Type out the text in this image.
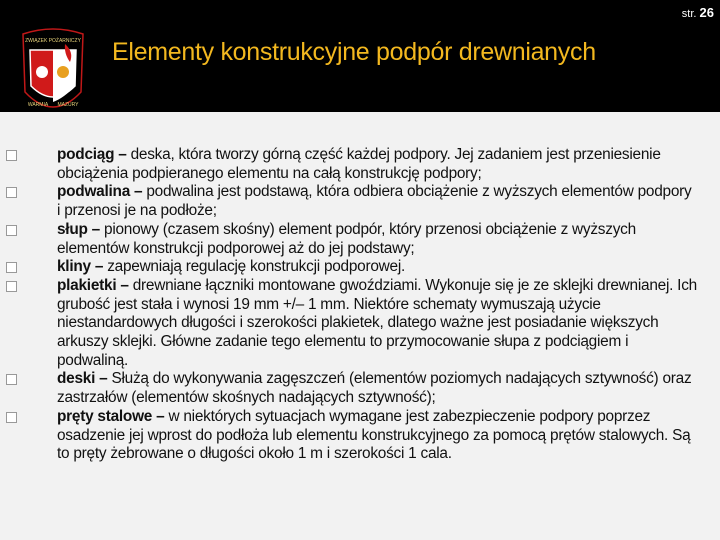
str. 26
ZWIĄZEK POŻARNICZY
WARMIA MAZURY
Elementy konstrukcyjne podpór drewnianych
podciąg – deska, która tworzy górną część każdej podpory. Jej zadaniem jest przeniesienie obciążenia podpieranego elementu na całą konstrukcję podpory;
podwalina – podwalina jest podstawą, która odbiera obciążenie z wyższych elementów podpory i przenosi je na podłoże;
słup – pionowy (czasem skośny) element podpór, który przenosi obciążenie z wyższych elementów konstrukcji podporowej aż do jej podstawy;
kliny – zapewniają regulację konstrukcji podporowej.
plakietki – drewniane łączniki montowane gwoździami. Wykonuje się je ze sklejki drewnianej. Ich grubość jest stała i wynosi 19 mm +/– 1 mm. Niektóre schematy wymuszają użycie niestandardowych długości i szerokości plakietek, dlatego ważne jest posiadanie większych arkuszy sklejki. Główne zadanie tego elementu to przymocowanie słupa z podciągiem i podwaliną.
deski – Służą do wykonywania zagęszczeń (elementów poziomych nadających sztywność) oraz zastrzałów (elementów skośnych nadających sztywność);
pręty stalowe – w niektórych sytuacjach wymagane jest zabezpieczenie podpory poprzez osadzenie jej wprost do podłoża lub elementu konstrukcyjnego za pomocą prętów stalowych. Są to pręty żebrowane o długości około 1 m i szerokości 1 cala.
